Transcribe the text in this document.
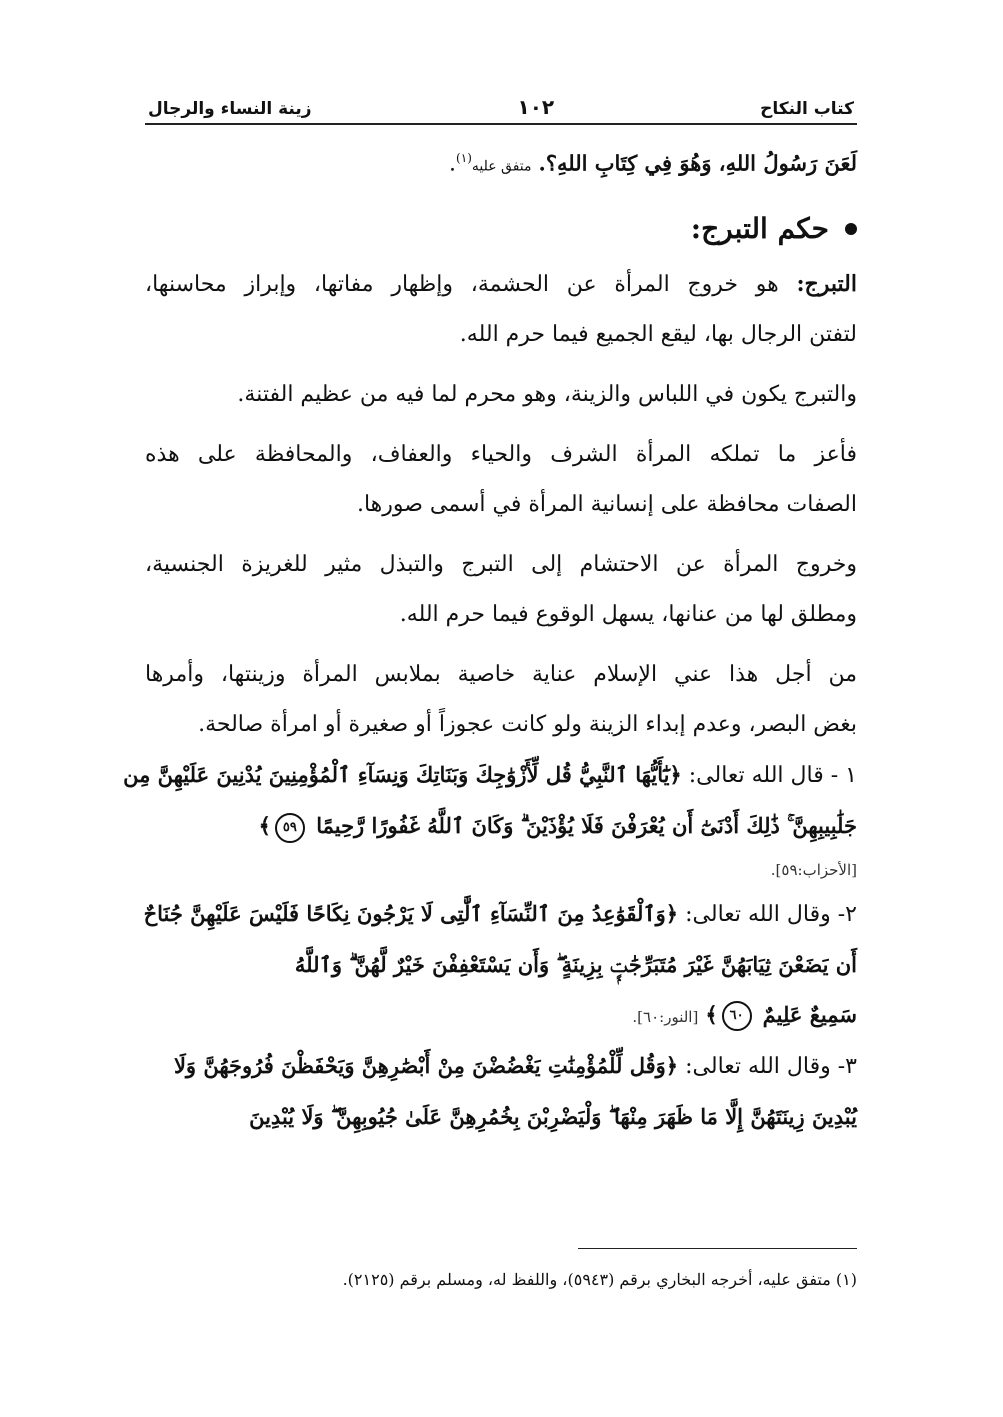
كتاب النكاح
١٠٢
زينة النساء والرجال
لَعَنَ رَسُولُ اللهِ، وَهُوَ فِي كِتَابِ اللهِ؟. متفق عليه$^{(١)}$.
حكم التبرج:
التبرج: هو خروج المرأة عن الحشمة، وإظهار مفاتها، وإبراز محاسنها،
لتفتن الرجال بها، ليقع الجميع فيما حرم الله.
والتبرج يكون في اللباس والزينة، وهو محرم لما فيه من عظيم الفتنة.
فأعز ما تملكه المرأة الشرف والحياء والعفاف، والمحافظة على هذه
الصفات محافظة على إنسانية المرأة في أسمى صورها.
وخروج المرأة عن الاحتشام إلى التبرج والتبذل مثير للغريزة الجنسية،
ومطلق لها من عنانها، يسهل الوقوع فيما حرم الله.
من أجل هذا عني الإسلام عناية خاصية بملابس المرأة وزينتها، وأمرها
بغض البصر، وعدم إبداء الزينة ولو كانت عجوزاً أو صغيرة أو امرأة صالحة.
١ - قال الله تعالى: ﴿يَٰٓأَيُّهَا ٱلنَّبِيُّ قُل لِّأَزْوَٰجِكَ وَبَنَاتِكَ وَنِسَآءِ ٱلْمُؤْمِنِينَ يُدْنِينَ عَلَيْهِنَّ مِن
جَلَٰبِيبِهِنَّ ۚ ذَٰلِكَ أَدْنَىٰٓ أَن يُعْرَفْنَ فَلَا يُؤْذَيْنَ ۗ وَكَانَ ٱللَّهُ غَفُورًا رَّحِيمًا ٥٩﴾
[الأحزاب:٥٩].
٢- وقال الله تعالى: ﴿وَٱلْقَوَٰعِدُ مِنَ ٱلنِّسَآءِ ٱلَّٰتِى لَا يَرْجُونَ نِكَاحًا فَلَيْسَ عَلَيْهِنَّ جُنَاحٌ
أَن يَضَعْنَ ثِيَابَهُنَّ غَيْرَ مُتَبَرِّجَٰتٍۭ بِزِينَةٍ ۖ وَأَن يَسْتَعْفِفْنَ خَيْرٌ لَّهُنَّ ۗ وَٱللَّهُ
سَمِيعٌ عَلِيمٌ ٦٠﴾ [النور:٦٠].
٣- وقال الله تعالى: ﴿وَقُل لِّلْمُؤْمِنَٰتِ يَغْضُضْنَ مِنْ أَبْصَٰرِهِنَّ وَيَحْفَظْنَ فُرُوجَهُنَّ وَلَا
يُبْدِينَ زِينَتَهُنَّ إِلَّا مَا ظَهَرَ مِنْهَا ۖ وَلْيَضْرِبْنَ بِخُمُرِهِنَّ عَلَىٰ جُيُوبِهِنَّ ۖ وَلَا يُبْدِينَ
(١) متفق عليه، أخرجه البخاري برقم (٥٩٤٣)، واللفظ له، ومسلم برقم (٢١٢٥).
